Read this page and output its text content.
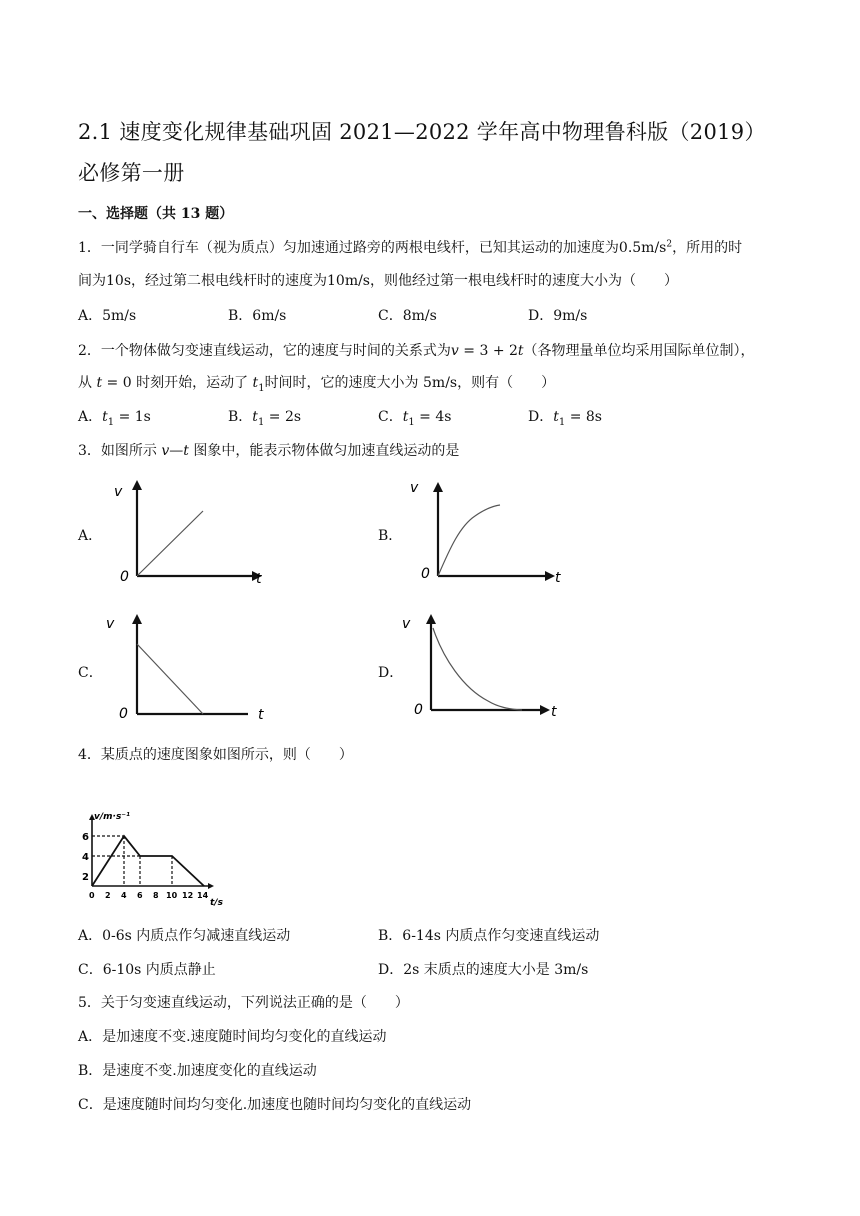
2.1 速度变化规律基础巩固 2021—2022 学年高中物理鲁科版（2019）
必修第一册
一、选择题（共 13 题）
1．一同学骑自行车（视为质点）匀加速通过路旁的两根电线杆，已知其运动的加速度为$0.5m/s^2$，所用的时
间为10s，经过第二根电线杆时的速度为10m/s，则他经过第一根电线杆时的速度大小为（　　）
A．5m/s	B．6m/s	C．8m/s	D．9m/s
2．一个物体做匀变速直线运动，它的速度与时间的关系式为v = 3 + 2t（各物理量单位均采用国际单位制），
从 t = 0 时刻开始，运动了 $t_1$时间时，它的速度大小为 5m/s，则有（　　）
A．$t_1 = 1s$	B．$t_1 = 2s$	C．$t_1 = 4s$	D．$t_1 = 8s$
3．如图所示 v—t 图象中，能表示物体做匀加速直线运动的是
A．	B．
C．	D．
v
t
0
v
t
0
v
t
0
v
t
0
4．某质点的速度图象如图所示，则（　　）
v/m·s⁻¹
t/s
6
4
2
0 2 4 6 8 10 12 14
A．0-6s 内质点作匀减速直线运动	B．6-14s 内质点作匀变速直线运动
C．6-10s 内质点静止	D．2s 末质点的速度大小是 3m/s
5．关于匀变速直线运动，下列说法正确的是（　　）
A．是加速度不变.速度随时间均匀变化的直线运动
B．是速度不变.加速度变化的直线运动
C．是速度随时间均匀变化.加速度也随时间均匀变化的直线运动
